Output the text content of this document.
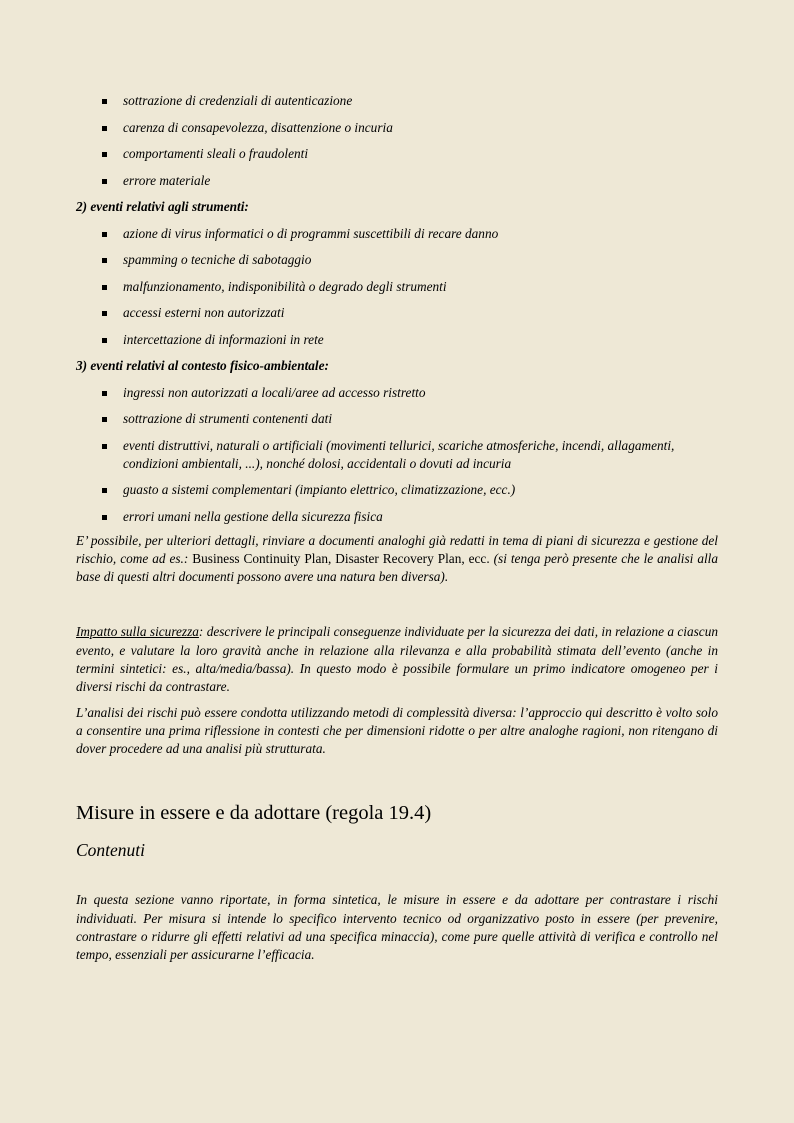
sottrazione di credenziali di autenticazione
carenza di consapevolezza, disattenzione o incuria
comportamenti sleali o fraudolenti
errore materiale
2) eventi relativi agli strumenti:
azione di virus informatici o di programmi suscettibili di recare danno
spamming o tecniche di sabotaggio
malfunzionamento, indisponibilità o degrado degli strumenti
accessi esterni non autorizzati
intercettazione di informazioni in rete
3) eventi relativi al contesto fisico-ambientale:
ingressi non autorizzati a locali/aree ad accesso ristretto
sottrazione di strumenti contenenti dati
eventi distruttivi, naturali o artificiali (movimenti tellurici, scariche atmosferiche, incendi, allagamenti, condizioni ambientali, ...), nonché dolosi, accidentali o dovuti ad incuria
guasto a sistemi complementari (impianto elettrico, climatizzazione, ecc.)
errori umani nella gestione della sicurezza fisica

E’ possibile, per ulteriori dettagli, rinviare a documenti analoghi già redatti in tema di piani di sicurezza e gestione del rischio, come ad es.: Business Continuity Plan, Disaster Recovery Plan, ecc. (si tenga però presente che le analisi alla base di questi altri documenti possono avere una natura ben diversa).

Impatto sulla sicurezza: descrivere le principali conseguenze individuate per la sicurezza dei dati, in relazione a ciascun evento, e valutare la loro gravità anche in relazione alla rilevanza e alla probabilità stimata dell’evento (anche in termini sintetici: es., alta/media/bassa). In questo modo è possibile formulare un primo indicatore omogeneo per i diversi rischi da contrastare.

L’analisi dei rischi può essere condotta utilizzando metodi di complessità diversa: l’approccio qui descritto è volto solo a consentire una prima riflessione in contesti che per dimensioni ridotte o per altre analoghe ragioni, non ritengano di dover procedere ad una analisi più strutturata.

Misure in essere e da adottare (regola 19.4)
Contenuti

In questa sezione vanno riportate, in forma sintetica, le misure in essere e da adottare per contrastare i rischi individuati. Per misura si intende lo specifico intervento tecnico od organizzativo posto in essere (per prevenire, contrastare o ridurre gli effetti relativi ad una specifica minaccia), come pure quelle attività di verifica e controllo nel tempo, essenziali per assicurarne l’efficacia.
